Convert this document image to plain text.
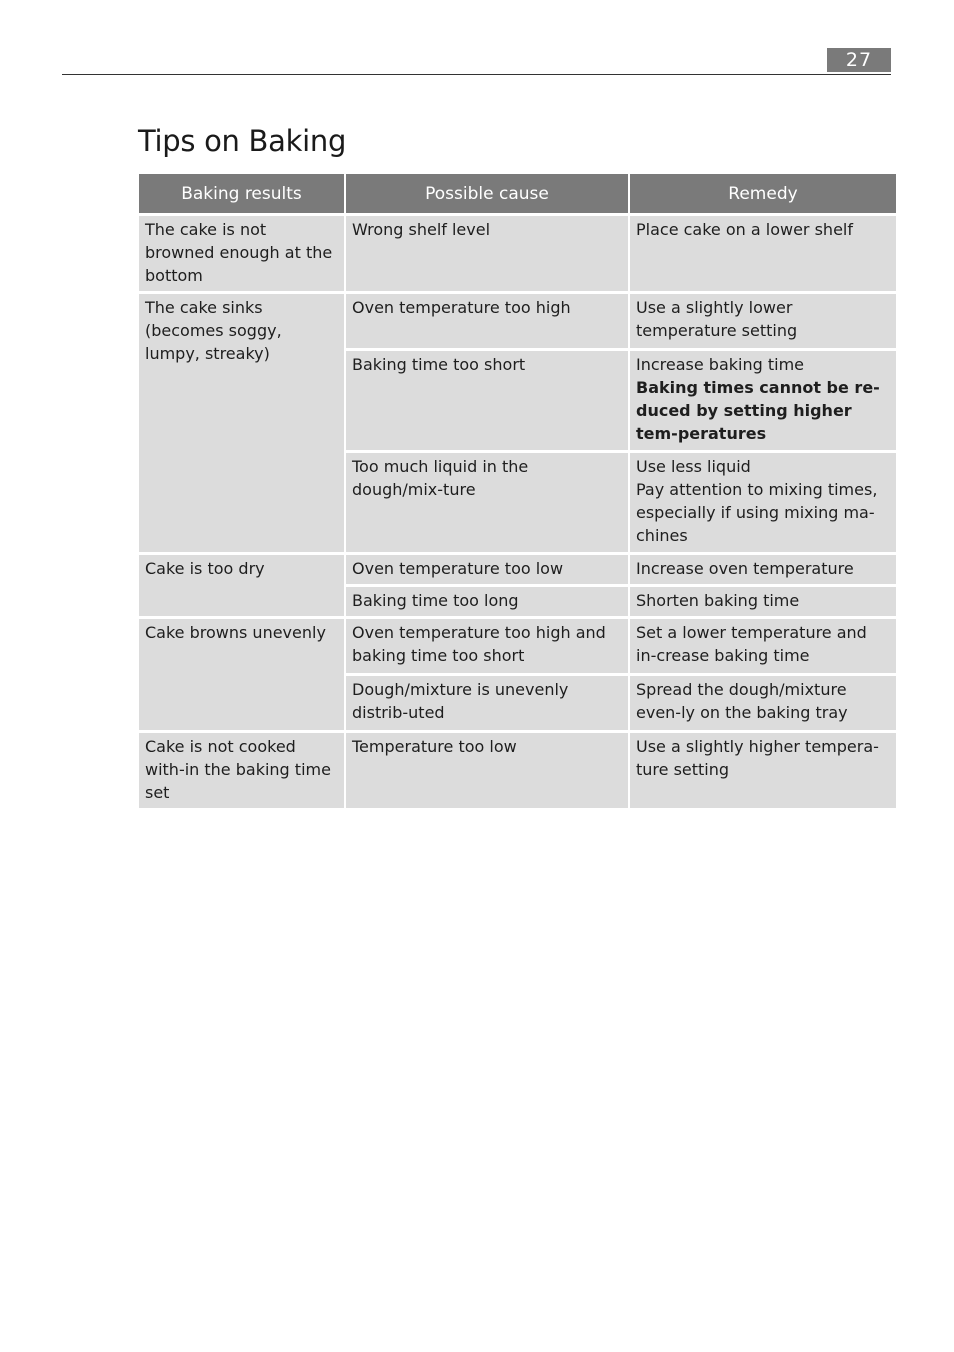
27
Tips on Baking
Baking results	Possible cause	Remedy
The cake is not browned enough at the bottom	Wrong shelf level	Place cake on a lower shelf
The cake sinks (becomes soggy, lumpy, streaky)	Oven temperature too high	Use a slightly lower temperature setting
	Baking time too short	Increase baking time
Baking times cannot be re-duced by setting higher tem-peratures

	Too much liquid in the dough/mix-ture	Use less liquid
Pay attention to mixing times, especially if using mixing ma-chines

Cake is too dry	Oven temperature too low	Increase oven temperature
	Baking time too long	Shorten baking time
Cake browns unevenly	Oven temperature too high and baking time too short	Set a lower temperature and in-crease baking time
	Dough/mixture is unevenly distrib-uted	Spread the dough/mixture even-ly on the baking tray
Cake is not cooked with-in the baking time set	Temperature too low	Use a slightly higher tempera-ture setting
